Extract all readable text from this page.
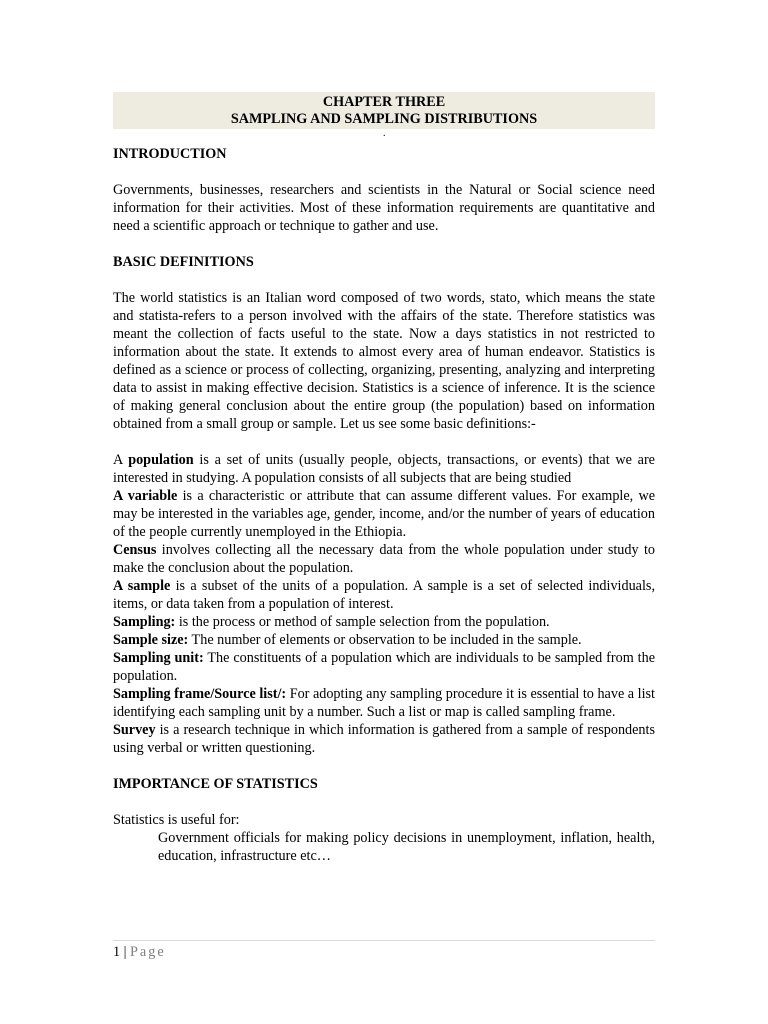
CHAPTER THREE
SAMPLING AND SAMPLING DISTRIBUTIONS
.

INTRODUCTION

Governments, businesses, researchers and scientists in the Natural or Social science need information for their activities. Most of these information requirements are quantitative and need a scientific approach or technique to gather and use.

BASIC DEFINITIONS

The world statistics is an Italian word composed of two words, stato, which means the state and statista-refers to a person involved with the affairs of the state. Therefore statistics was meant the collection of facts useful to the state. Now a days statistics in not restricted to information about the state. It extends to almost every area of human endeavor. Statistics is defined as a science or process of collecting, organizing, presenting, analyzing and interpreting data to assist in making effective decision. Statistics is a science of inference. It is the science of making general conclusion about the entire group (the population) based on information obtained from a small group or sample. Let us see some basic definitions:-

A population is a set of units (usually people, objects, transactions, or events) that we are interested in studying. A population consists of all subjects that are being studied

A variable is a characteristic or attribute that can assume different values. For example, we may be interested in the variables age, gender, income, and/or the number of years of education of the people currently unemployed in the Ethiopia.

Census involves collecting all the necessary data from the whole population under study to make the conclusion about the population.

A sample is a subset of the units of a population. A sample is a set of selected individuals, items, or data taken from a population of interest.

Sampling: is the process or method of sample selection from the population.

Sample size: The number of elements or observation to be included in the sample.

Sampling unit: The constituents of a population which are individuals to be sampled from the population.

Sampling frame/Source list/: For adopting any sampling procedure it is essential to have a list identifying each sampling unit by a number. Such a list or map is called sampling frame.

Survey is a research technique in which information is gathered from a sample of respondents using verbal or written questioning.

IMPORTANCE OF STATISTICS

Statistics is useful for:

Government officials for making policy decisions in unemployment, inflation, health, education, infrastructure etc…

1 | Page
